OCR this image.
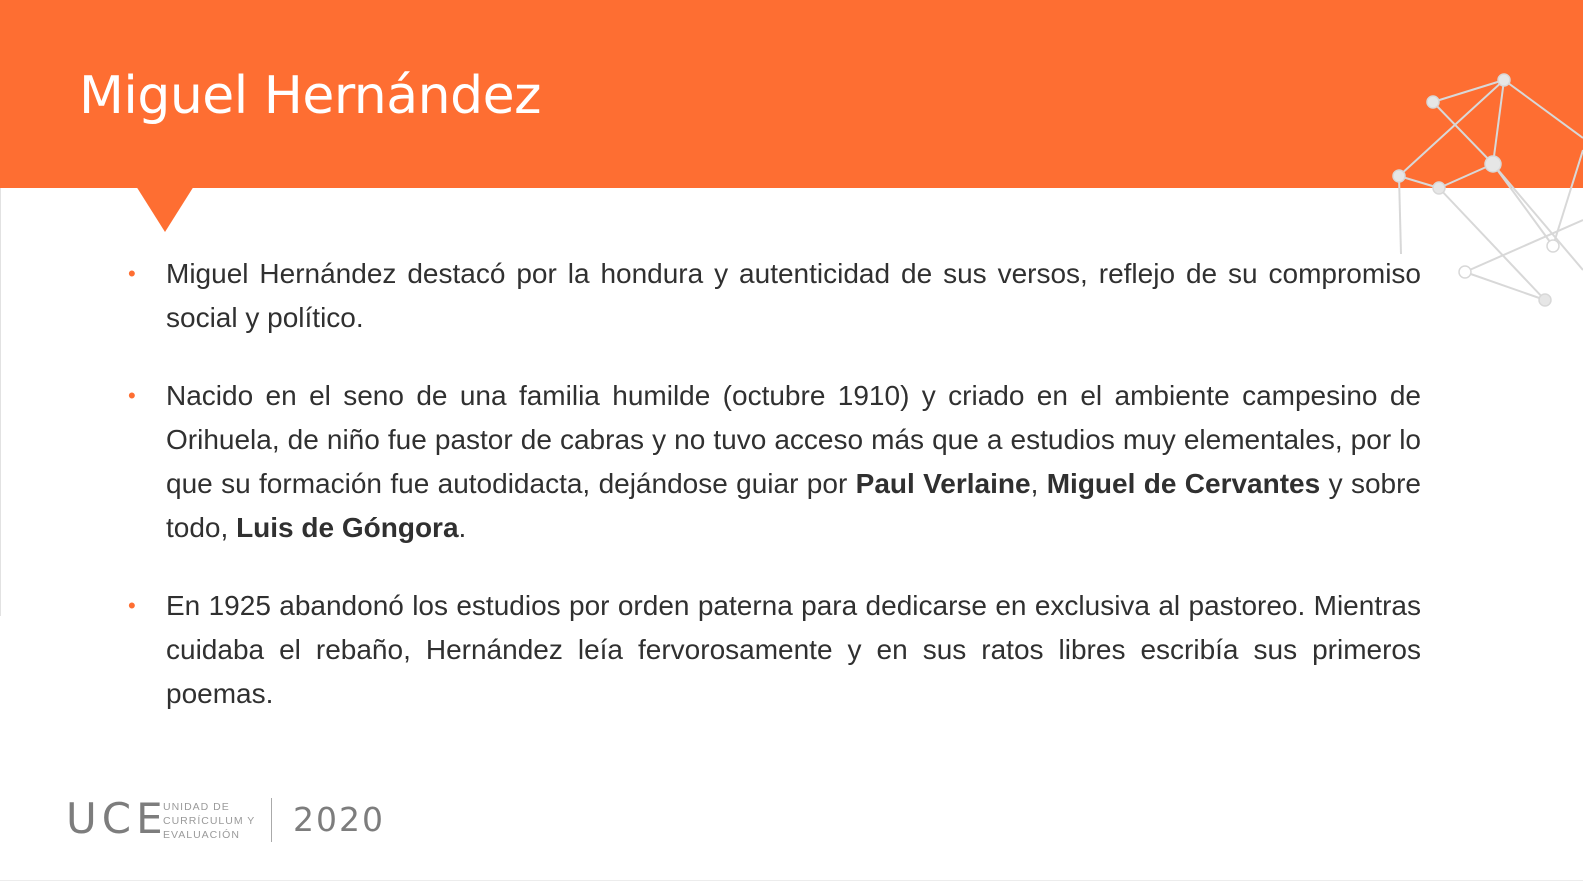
Miguel Hernández

• Miguel Hernández destacó por la hondura y autenticidad de sus versos, reflejo de su compromiso social y político.

• Nacido en el seno de una familia humilde (octubre 1910) y criado en el ambiente campesino de Orihuela, de niño fue pastor de cabras y no tuvo acceso más que a estudios muy elementales, por lo que su formación fue autodidacta, dejándose guiar por Paul Verlaine, Miguel de Cervantes y sobre todo, Luis de Góngora.

• En 1925 abandonó los estudios por orden paterna para dedicarse en exclusiva al pastoreo. Mientras cuidaba el rebaño, Hernández leía fervorosamente y en sus ratos libres escribía sus primeros poemas.

UCE
UNIDAD DE
CURRÍCULUM Y
EVALUACIÓN	2020
